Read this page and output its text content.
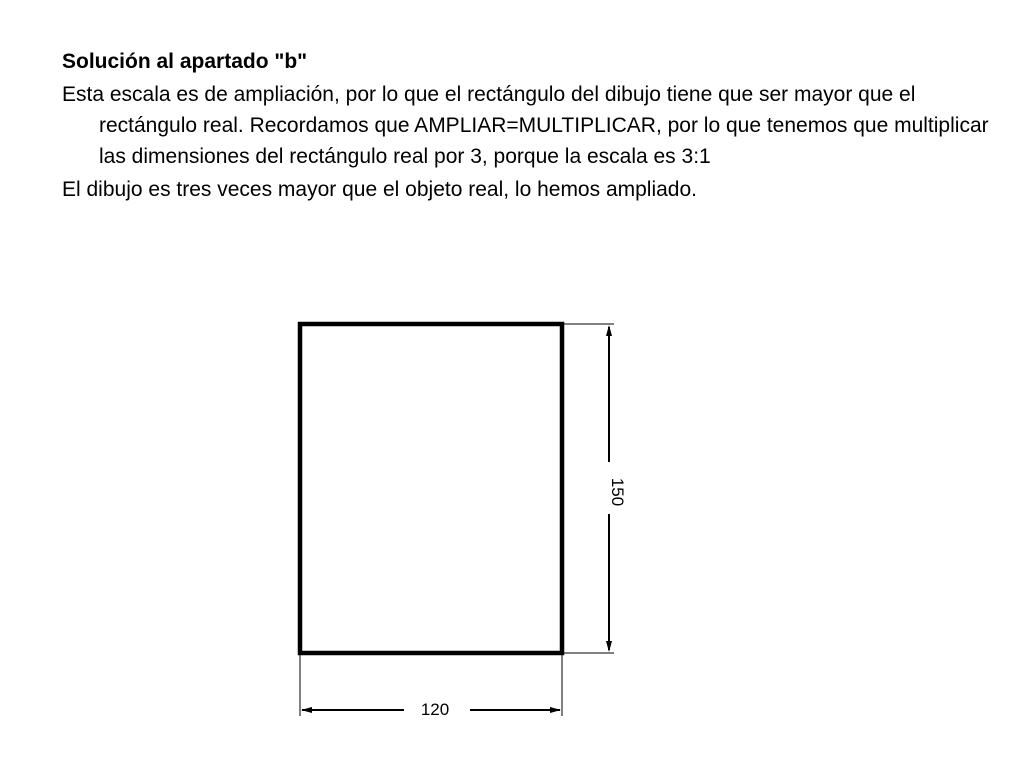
Solución al apartado "b"

Esta escala es de ampliación, por lo que el rectángulo del dibujo tiene que ser mayor que el rectángulo real. Recordamos que AMPLIAR=MULTIPLICAR, por lo que tenemos que multiplicar las dimensiones del rectángulo real por 3, porque la escala es 3:1

El dibujo es tres veces mayor que el objeto real, lo hemos ampliado.

150
120
